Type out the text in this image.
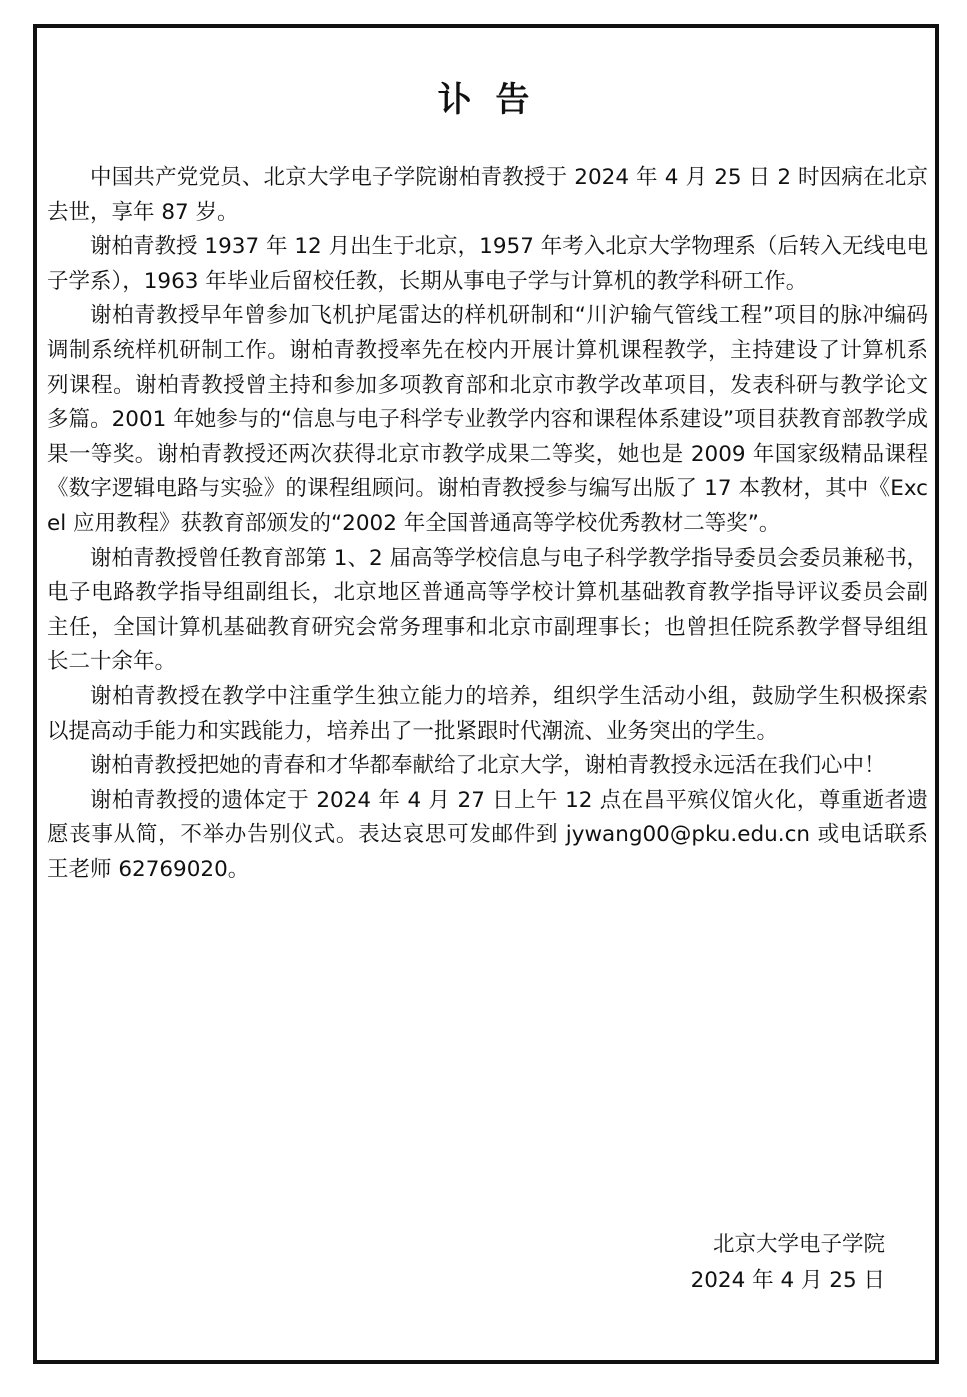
讣  告

中国共产党党员、北京大学电子学院谢柏青教授于 2024 年 4 月 25 日 2 时因病在北京去世，享年 87 岁。

谢柏青教授 1937 年 12 月出生于北京，1957 年考入北京大学物理系（后转入无线电电子学系），1963 年毕业后留校任教，长期从事电子学与计算机的教学科研工作。

谢柏青教授早年曾参加飞机护尾雷达的样机研制和“川沪输气管线工程”项目的脉冲编码调制系统样机研制工作。谢柏青教授率先在校内开展计算机课程教学，主持建设了计算机系列课程。谢柏青教授曾主持和参加多项教育部和北京市教学改革项目，发表科研与教学论文多篇。2001 年她参与的“信息与电子科学专业教学内容和课程体系建设”项目获教育部教学成果一等奖。谢柏青教授还两次获得北京市教学成果二等奖，她也是 2009 年国家级精品课程《数字逻辑电路与实验》的课程组顾问。谢柏青教授参与编写出版了 17 本教材，其中《Excel 应用教程》获教育部颁发的“2002 年全国普通高等学校优秀教材二等奖”。

谢柏青教授曾任教育部第 1、2 届高等学校信息与电子科学教学指导委员会委员兼秘书，电子电路教学指导组副组长，北京地区普通高等学校计算机基础教育教学指导评议委员会副主任，全国计算机基础教育研究会常务理事和北京市副理事长；也曾担任院系教学督导组组长二十余年。

谢柏青教授在教学中注重学生独立能力的培养，组织学生活动小组，鼓励学生积极探索以提高动手能力和实践能力，培养出了一批紧跟时代潮流、业务突出的学生。

谢柏青教授把她的青春和才华都奉献给了北京大学，谢柏青教授永远活在我们心中！

谢柏青教授的遗体定于 2024 年 4 月 27 日上午 12 点在昌平殡仪馆火化，尊重逝者遗愿丧事从简，不举办告别仪式。表达哀思可发邮件到 jywang00@pku.edu.cn 或电话联系王老师 62769020。

北京大学电子学院
2024 年 4 月 25 日
